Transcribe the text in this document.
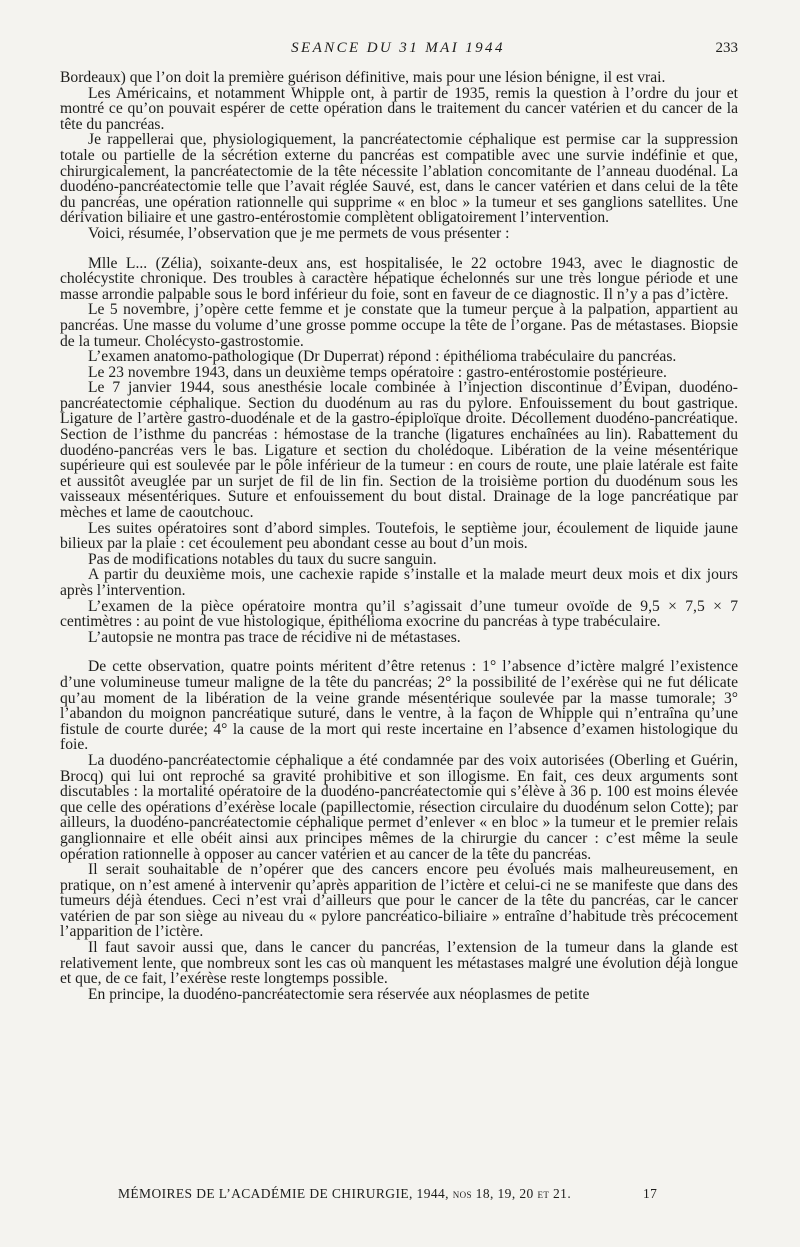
SEANCE DU 31 MAI 1944	233

Bordeaux) que l’on doit la première guérison définitive, mais pour une lésion bénigne, il est vrai.

Les Américains, et notamment Whipple ont, à partir de 1935, remis la question à l’ordre du jour et montré ce qu’on pouvait espérer de cette opération dans le traitement du cancer vatérien et du cancer de la tête du pancréas.

Je rappellerai que, physiologiquement, la pancréatectomie céphalique est permise car la suppression totale ou partielle de la sécrétion externe du pancréas est compatible avec une survie indéfinie et que, chirurgicalement, la pancréatectomie de la tête nécessite l’ablation concomitante de l’anneau duodénal. La duodéno-pancréatectomie telle que l’avait réglée Sauvé, est, dans le cancer vatérien et dans celui de la tête du pancréas, une opération rationnelle qui supprime « en bloc » la tumeur et ses ganglions satellites. Une dérivation biliaire et une gastro-entérostomie complètent obligatoirement l’intervention.

Voici, résumée, l’observation que je me permets de vous présenter :

Mlle L... (Zélia), soixante-deux ans, est hospitalisée, le 22 octobre 1943, avec le diagnostic de cholécystite chronique. Des troubles à caractère hépatique échelonnés sur une très longue période et une masse arrondie palpable sous le bord inférieur du foie, sont en faveur de ce diagnostic. Il n’y a pas d’ictère.

Le 5 novembre, j’opère cette femme et je constate que la tumeur perçue à la palpation, appartient au pancréas. Une masse du volume d’une grosse pomme occupe la tête de l’organe. Pas de métastases. Biopsie de la tumeur. Cholécysto-gastrostomie.

L’examen anatomo-pathologique (Dr Duperrat) répond : épithélioma trabéculaire du pancréas.

Le 23 novembre 1943, dans un deuxième temps opératoire : gastro-entérostomie postérieure.

Le 7 janvier 1944, sous anesthésie locale combinée à l’injection discontinue d’Évipan, duodéno-pancréatectomie céphalique. Section du duodénum au ras du pylore. Enfouissement du bout gastrique. Ligature de l’artère gastro-duodénale et de la gastro-épiploïque droite. Décollement duodéno-pancréatique. Section de l’isthme du pancréas : hémostase de la tranche (ligatures enchaînées au lin). Rabattement du duodéno-pancréas vers le bas. Ligature et section du cholédoque. Libération de la veine mésentérique supérieure qui est soulevée par le pôle inférieur de la tumeur : en cours de route, une plaie latérale est faite et aussitôt aveuglée par un surjet de fil de lin fin. Section de la troisième portion du duodénum sous les vaisseaux mésentériques. Suture et enfouissement du bout distal. Drainage de la loge pancréatique par mèches et lame de caoutchouc.

Les suites opératoires sont d’abord simples. Toutefois, le septième jour, écoulement de liquide jaune bilieux par la plaie : cet écoulement peu abondant cesse au bout d’un mois.

Pas de modifications notables du taux du sucre sanguin.

A partir du deuxième mois, une cachexie rapide s’installe et la malade meurt deux mois et dix jours après l’intervention.

L’examen de la pièce opératoire montra qu’il s’agissait d’une tumeur ovoïde de 9,5 × 7,5 × 7 centimètres : au point de vue histologique, épithélioma exocrine du pancréas à type trabéculaire.

L’autopsie ne montra pas trace de récidive ni de métastases.

De cette observation, quatre points méritent d’être retenus : 1° l’absence d’ictère malgré l’existence d’une volumineuse tumeur maligne de la tête du pancréas; 2° la possibilité de l’exérèse qui ne fut délicate qu’au moment de la libération de la veine grande mésentérique soulevée par la masse tumorale; 3° l’abandon du moignon pancréatique suturé, dans le ventre, à la façon de Whipple qui n’entraîna qu’une fistule de courte durée; 4° la cause de la mort qui reste incertaine en l’absence d’examen histologique du foie.

La duodéno-pancréatectomie céphalique a été condamnée par des voix autorisées (Oberling et Guérin, Brocq) qui lui ont reproché sa gravité prohibitive et son illogisme. En fait, ces deux arguments sont discutables : la mortalité opératoire de la duodéno-pancréatectomie qui s’élève à 36 p. 100 est moins élevée que celle des opérations d’exérèse locale (papillectomie, résection circulaire du duodénum selon Cotte); par ailleurs, la duodéno-pancréatectomie céphalique permet d’enlever « en bloc » la tumeur et le premier relais ganglionnaire et elle obéit ainsi aux principes mêmes de la chirurgie du cancer : c’est même la seule opération rationnelle à opposer au cancer vatérien et au cancer de la tête du pancréas.

Il serait souhaitable de n’opérer que des cancers encore peu évolués mais malheureusement, en pratique, on n’est amené à intervenir qu’après apparition de l’ictère et celui-ci ne se manifeste que dans des tumeurs déjà étendues. Ceci n’est vrai d’ailleurs que pour le cancer de la tête du pancréas, car le cancer vatérien de par son siège au niveau du « pylore pancréatico-biliaire » entraîne d’habitude très précocement l’apparition de l’ictère.

Il faut savoir aussi que, dans le cancer du pancréas, l’extension de la tumeur dans la glande est relativement lente, que nombreux sont les cas où manquent les métastases malgré une évolution déjà longue et que, de ce fait, l’exérèse reste longtemps possible.

En principe, la duodéno-pancréatectomie sera réservée aux néoplasmes de petite

MÉMOIRES DE L’ACADÉMIE DE CHIRURGIE, 1944, nos 18, 19, 20 et 21.	17
